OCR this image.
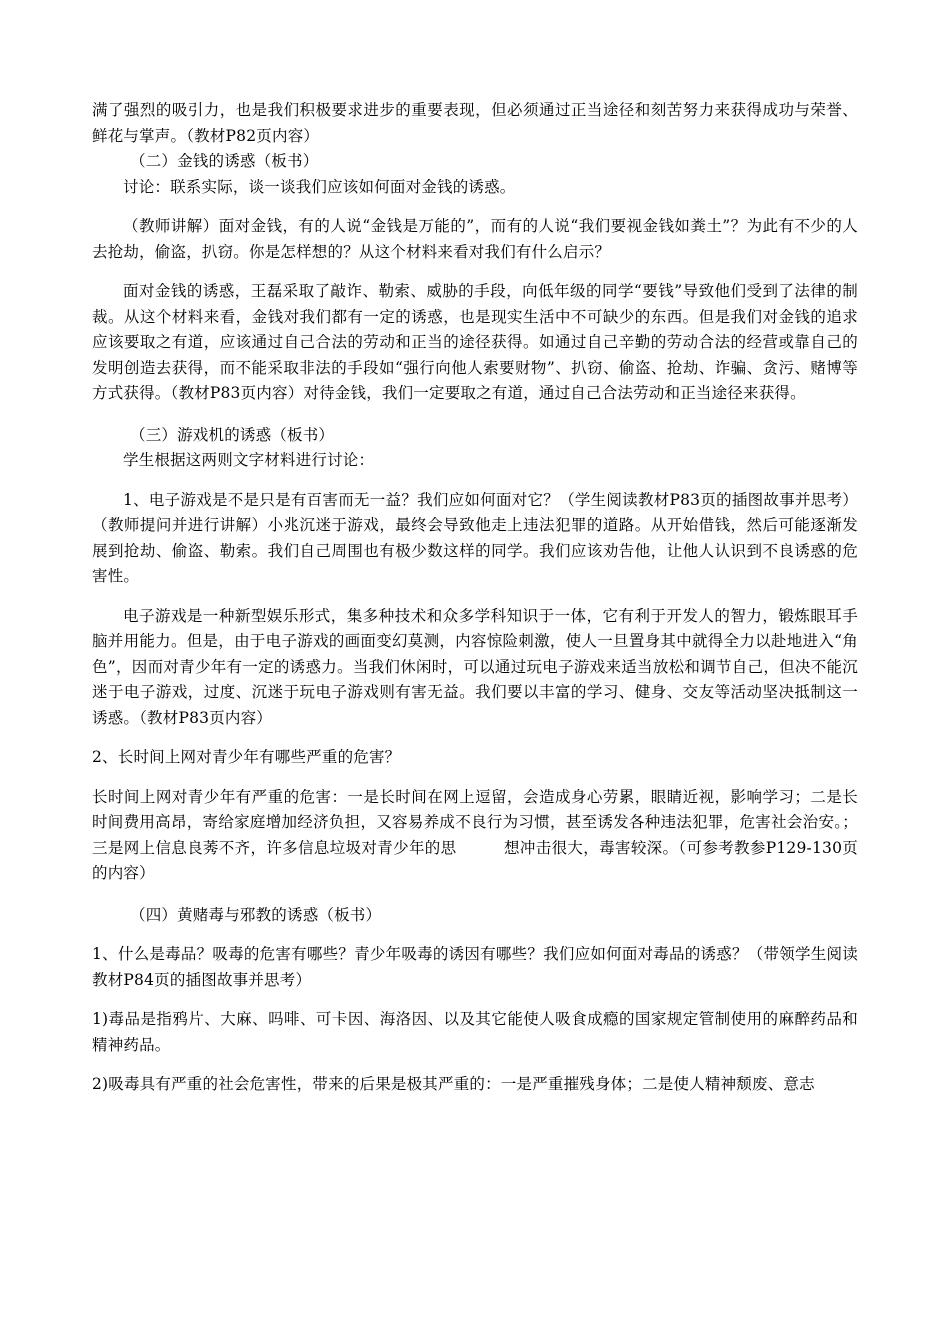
满了强烈的吸引力，也是我们积极要求进步的重要表现，但必须通过正当途径和刻苦努力来获得成功与荣誉、鲜花与掌声。（教材P82页内容）

（二）金钱的诱惑（板书）

讨论：联系实际，谈一谈我们应该如何面对金钱的诱惑。

（教师讲解）面对金钱，有的人说“金钱是万能的”，而有的人说“我们要视金钱如粪土”？为此有不少的人去抢劫，偷盗，扒窃。你是怎样想的？从这个材料来看对我们有什么启示？

面对金钱的诱惑，王磊采取了敲诈、勒索、威胁的手段，向低年级的同学“要钱”导致他们受到了法律的制裁。从这个材料来看，金钱对我们都有一定的诱惑，也是现实生活中不可缺少的东西。但是我们对金钱的追求应该要取之有道，应该通过自己合法的劳动和正当的途径获得。如通过自己辛勤的劳动合法的经营或靠自己的发明创造去获得，而不能采取非法的手段如“强行向他人索要财物”、扒窃、偷盗、抢劫、诈骗、贪污、赌博等方式获得。（教材P83页内容）对待金钱，我们一定要取之有道，通过自己合法劳动和正当途径来获得。

（三）游戏机的诱惑（板书）

学生根据这两则文字材料进行讨论：

1、电子游戏是不是只是有百害而无一益？我们应如何面对它？（学生阅读教材P83页的插图故事并思考）（教师提问并进行讲解）小兆沉迷于游戏，最终会导致他走上违法犯罪的道路。从开始借钱，然后可能逐渐发展到抢劫、偷盗、勒索。我们自己周围也有极少数这样的同学。我们应该劝告他，让他人认识到不良诱惑的危害性。

电子游戏是一种新型娱乐形式，集多种技术和众多学科知识于一体，它有利于开发人的智力，锻炼眼耳手脑并用能力。但是，由于电子游戏的画面变幻莫测，内容惊险刺激，使人一旦置身其中就得全力以赴地进入“角色”，因而对青少年有一定的诱惑力。当我们休闲时，可以通过玩电子游戏来适当放松和调节自己，但决不能沉迷于电子游戏，过度、沉迷于玩电子游戏则有害无益。我们要以丰富的学习、健身、交友等活动坚决抵制这一诱惑。（教材P83页内容）

2、长时间上网对青少年有哪些严重的危害？

长时间上网对青少年有严重的危害：一是长时间在网上逗留，会造成身心劳累，眼睛近视，影响学习；二是长时间费用高昂，寄给家庭增加经济负担，又容易养成不良行为习惯，甚至诱发各种违法犯罪，危害社会治安。；三是网上信息良莠不齐，许多信息垃圾对青少年的思　　　想冲击很大，毒害较深。（可参考教参P129-130页的内容）

（四）黄赌毒与邪教的诱惑（板书）

1、什么是毒品？吸毒的危害有哪些？青少年吸毒的诱因有哪些？我们应如何面对毒品的诱惑？（带领学生阅读教材P84页的插图故事并思考）

1)毒品是指鸦片、大麻、吗啡、可卡因、海洛因、以及其它能使人吸食成瘾的国家规定管制使用的麻醉药品和精神药品。

2)吸毒具有严重的社会危害性，带来的后果是极其严重的：一是严重摧残身体；二是使人精神颓废、意志
